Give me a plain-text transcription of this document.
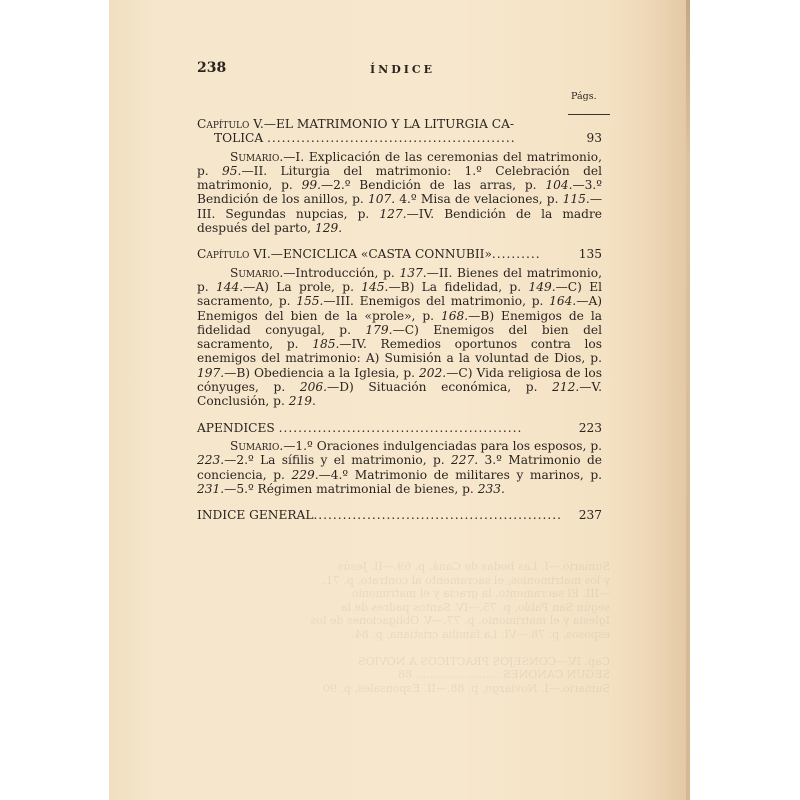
Sumario.—I. Las bodas de Caná, p. 69.—II. Jesús
y los matrimonios, el sacramento al contrato, p. 71.
—III. El sacramento, la gracia y el matrimonio
según San Pablo, p. 75.—IV. Santos padres de la
Iglesia y el matrimonio, p. 77.—V. Obligaciones de los
esposos, p. 78.—VI. La familia cristiana, p. 84.

Cap. IV.—CONSEJOS PRÁCTICOS A NOVIOS
SEGÚN CANONES ........................ 88
Sumario.—I. Noviazgo, p. 88.—II. Esponsales, p. 90
238	ÍNDICE
Págs.
Capítulo V.—EL MATRIMONIO Y LA LITURGIA CA-
TOLICA ...................................................	93
Sumario.—I. Explicación de las ceremonias del matrimonio, p. 95.—II. Liturgia del matrimonio: 1.º Celebración del matrimonio, p. 99.—2.º Bendición de las arras, p. 104.—3.º Bendición de los anillos, p. 107. 4.º Misa de velaciones, p. 115.—III. Segundas nupcias, p. 127.—IV. Bendición de la madre después del parto, 129.
Capítulo VI.—ENCICLICA «CASTA CONNUBII»..........	135
Sumario.—Introducción, p. 137.—II. Bienes del matrimonio, p. 144.—A) La prole, p. 145.—B) La fidelidad, p. 149.—C) El sacramento, p. 155.—III. Enemigos del matrimonio, p. 164.—A) Enemigos del bien de la «prole», p. 168.—B) Enemigos de la fidelidad conyugal, p. 179.—C) Enemigos del bien del sacramento, p. 185.—IV. Remedios oportunos contra los enemigos del matrimonio: A) Sumisión a la voluntad de Dios, p. 197.—B) Obediencia a la Iglesia, p. 202.—C) Vida religiosa de los cónyuges, p. 206.—D) Situación económica, p. 212.—V. Conclusión, p. 219.
APENDICES ..................................................	223
Sumario.—1.º Oraciones indulgenciadas para los esposos, p. 223.—2.º La sífilis y el matrimonio, p. 227. 3.º Matrimonio de conciencia, p. 229.—4.º Matrimonio de militares y marinos, p. 231.—5.º Régimen matrimonial de bienes, p. 233.
INDICE GENERAL...................................................	237
